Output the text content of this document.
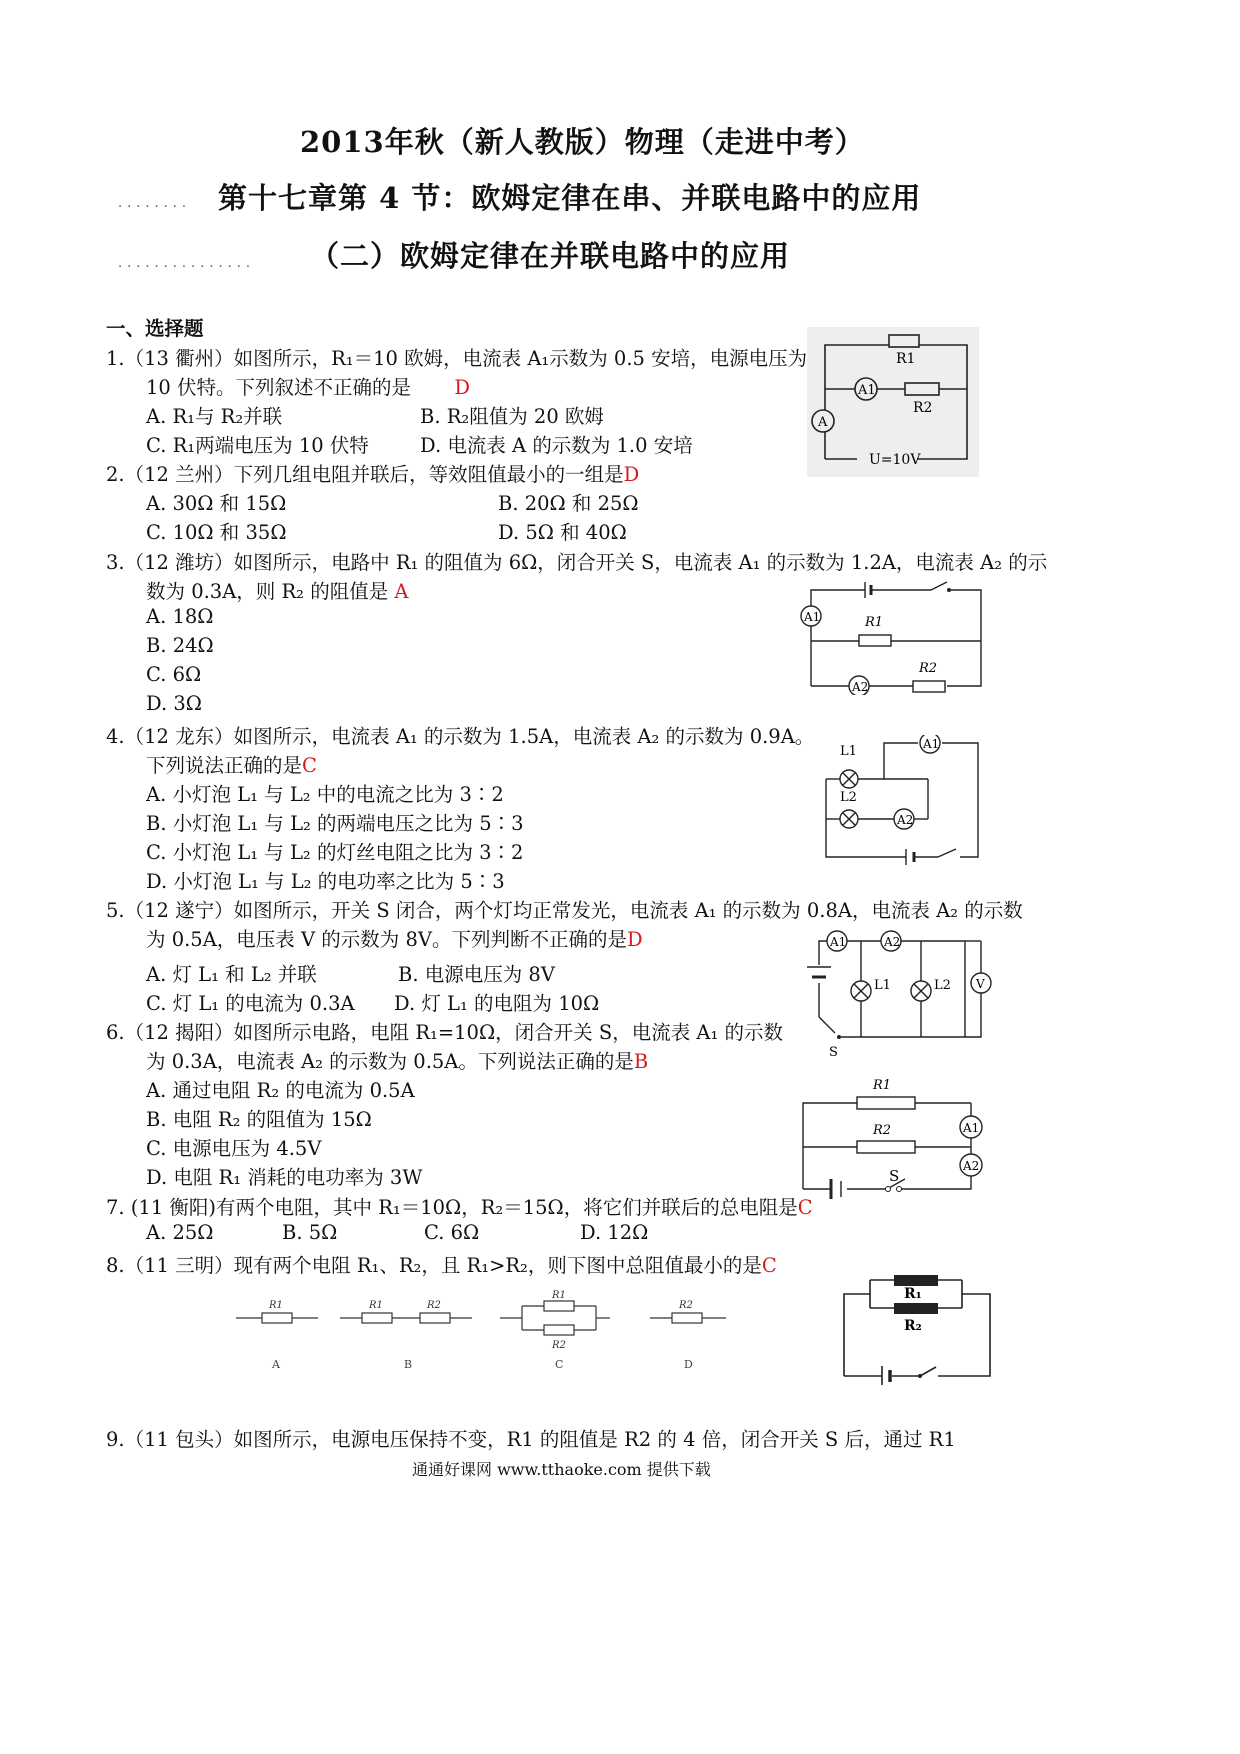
2013年秋（新人教版）物理（走进中考）
........ 第十七章第 4 节：欧姆定律在串、并联电路中的应用
............... （二）欧姆定律在并联电路中的应用
一、选择题
1.（13 衢州）如图所示，R₁＝10 欧姆，电流表 A₁示数为 0.5 安培，电源电压为
10 伏特。下列叙述不正确的是 D
A. R₁与 R₂并联	B. R₂阻值为 20 欧姆
C. R₁两端电压为 10 伏特	D. 电流表 A 的示数为 1.0 安培
R1
R2
A1
A
U=10V
2.（12 兰州）下列几组电阻并联后，等效阻值最小的一组是D
A. 30Ω 和 15Ω	B. 20Ω 和 25Ω
C. 10Ω 和 35Ω	D. 5Ω 和 40Ω
3.（12 潍坊）如图所示，电路中 R₁ 的阻值为 6Ω，闭合开关 S，电流表 A₁ 的示数为 1.2A，电流表 A₂ 的示
数为 0.3A，则 R₂ 的阻值是 A
A. 18Ω
B. 24Ω
C. 6Ω
D. 3Ω
A1
A2
R1
R2
4.（12 龙东）如图所示，电流表 A₁ 的示数为 1.5A，电流表 A₂ 的示数为 0.9A。
下列说法正确的是C
A. 小灯泡 L₁ 与 L₂ 中的电流之比为 3∶2
B. 小灯泡 L₁ 与 L₂ 的两端电压之比为 5∶3
C. 小灯泡 L₁ 与 L₂ 的灯丝电阻之比为 3∶2
D. 小灯泡 L₁ 与 L₂ 的电功率之比为 5∶3
L1
L2
A1
A2
5.（12 遂宁）如图所示，开关 S 闭合，两个灯均正常发光，电流表 A₁ 的示数为 0.8A，电流表 A₂ 的示数
为 0.5A，电压表 V 的示数为 8V。下列判断不正确的是D
A. 灯 L₁ 和 L₂ 并联	B. 电源电压为 8V
C. 灯 L₁ 的电流为 0.3A D. 灯 L₁ 的电阻为 10Ω
A1	A2
L1	L2 V
S
6.（12 揭阳）如图所示电路，电阻 R₁=10Ω，闭合开关 S，电流表 A₁ 的示数
为 0.3A，电流表 A₂ 的示数为 0.5A。下列说法正确的是B
A. 通过电阻 R₂ 的电流为 0.5A
B. 电阻 R₂ 的阻值为 15Ω
C. 电源电压为 4.5V
D. 电阻 R₁ 消耗的电功率为 3W
R1
R2	A1
A2
S
7. (11 衡阳)有两个电阻，其中 R₁＝10Ω，R₂＝15Ω，将它们并联后的总电阻是C
A. 25Ω	B. 5Ω	C. 6Ω	D. 12Ω
8.（11 三明）现有两个电阻 R₁、R₂，且 R₁>R₂，则下图中总阻值最小的是C
R1	R1	R2
R1
R2
R2
A	B	C	D
R₁
R₂
9.（11 包头）如图所示，电源电压保持不变，R1 的阻值是 R2 的 4 倍，闭合开关 S 后，通过 R1
通通好课网 www.tthaoke.com 提供下载
